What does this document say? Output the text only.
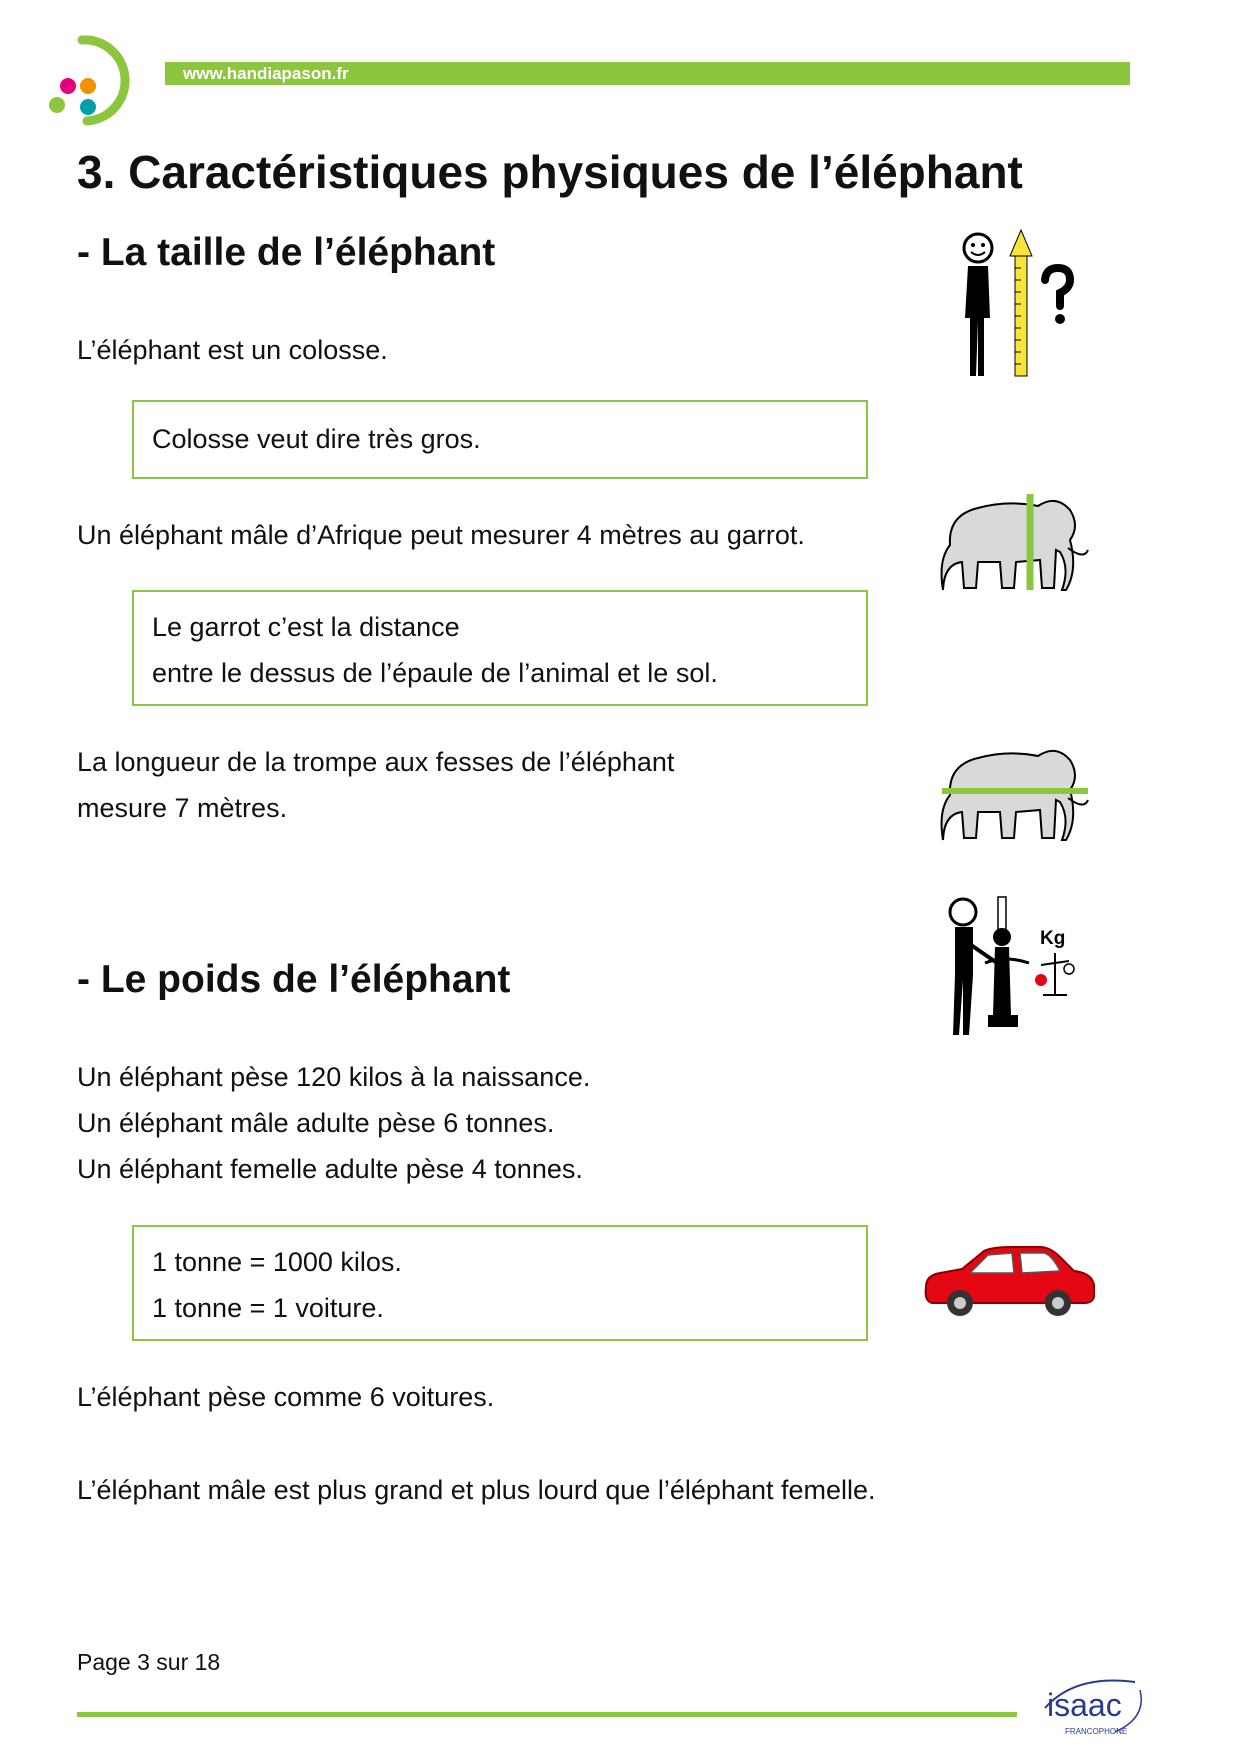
www.handiapason.fr
3. Caractéristiques physiques de l’éléphant
- La taille de l’éléphant
L’éléphant est un colosse.
Colosse veut dire très gros.
Un éléphant mâle d’Afrique peut mesurer 4 mètres au garrot.
Le garrot c’est la distance
entre le dessus de l’épaule de l’animal et le sol.
La longueur de la trompe aux fesses de l’éléphant
mesure 7 mètres.
Kg
- Le poids de l’éléphant
Un éléphant pèse 120 kilos à la naissance.
Un éléphant mâle adulte pèse 6 tonnes.
Un éléphant femelle adulte pèse 4 tonnes.
1 tonne = 1000 kilos.
1 tonne = 1 voiture.
L’éléphant pèse comme 6 voitures.
L’éléphant mâle est plus grand et plus lourd que l’éléphant femelle.
Page 3 sur 18
isaac
FRANCOPHONE
